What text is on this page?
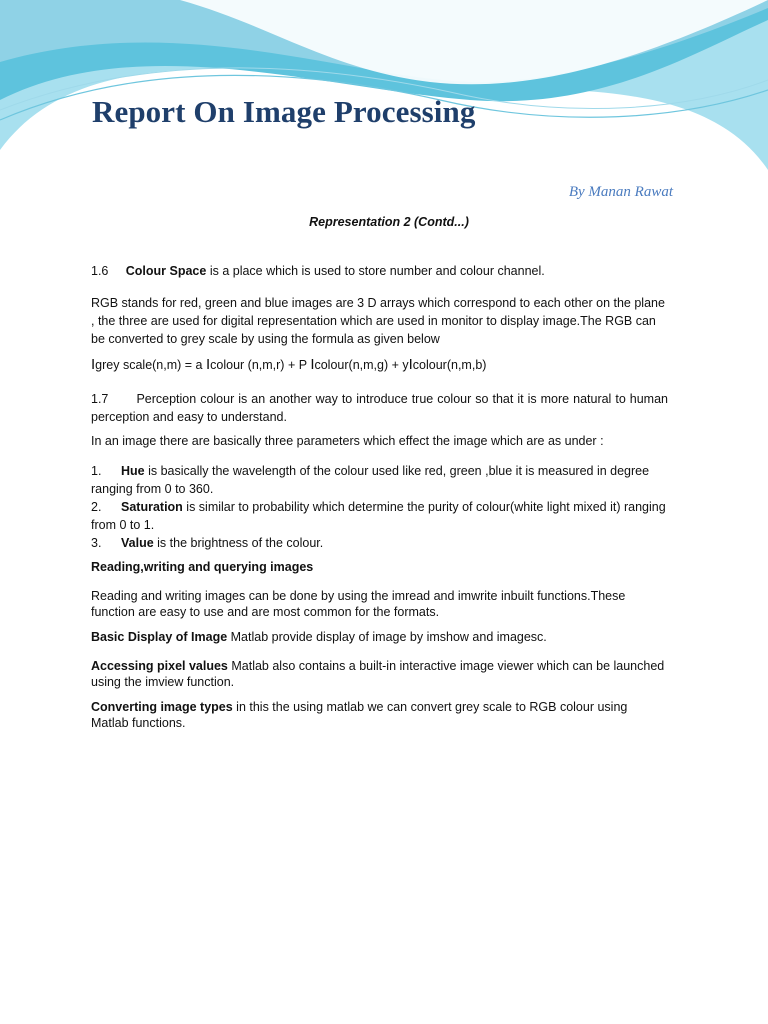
Report On Image Processing
By Manan Rawat
Representation 2 (Contd...)

1.6 Colour Space is a place which is used to store number and colour channel.

RGB stands for red, green and blue images are 3 D arrays which correspond to each other on the plane , the three are used for digital representation which are used in monitor to display image.The RGB can be converted to grey scale by using the formula as given below

Igrey scale(n,m) = a Icolour (n,m,r) + P Icolour(n,m,g) + yIcolour(n,m,b)

1.7 Perception colour is an another way to introduce true colour so that it is more natural to human perception and easy to understand.

In an image there are basically three parameters which effect the image which are as under :

1. Hue is basically the wavelength of the colour used like red, green ,blue it is measured in degree ranging from 0 to 360.

2. Saturation is similar to probability which determine the purity of colour(white light mixed it) ranging from 0 to 1.

3. Value is the brightness of the colour.

Reading,writing and querying images

Reading and writing images can be done by using the imread and imwrite inbuilt functions.These function are easy to use and are most common for the formats.

Basic Display of Image Matlab provide display of image by imshow and imagesc.

Accessing pixel values Matlab also contains a built-in interactive image viewer which can be launched using the imview function.

Converting image types in this the using matlab we can convert grey scale to RGB colour using Matlab functions.
